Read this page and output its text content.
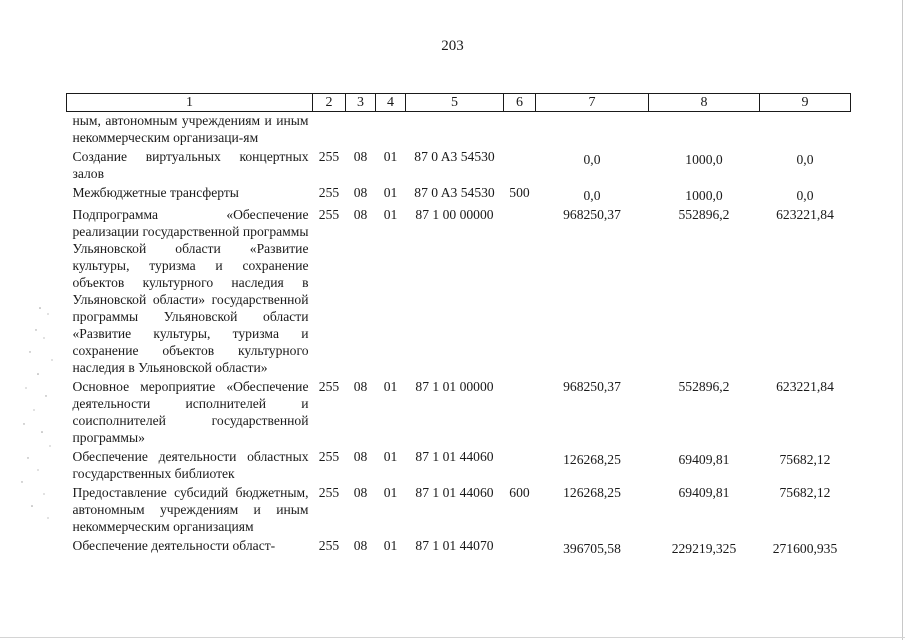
203
1	2	3	4	5	6	7	8	9
ным, автономным учреждениям и иным некоммерческим организаци-ям								
Создание виртуальных концертных залов	255	08	01	87 0 A3 54530		0,0	1000,0	0,0
Межбюджетные трансферты	255	08	01	87 0 A3 54530	500	0,0	1000,0	0,0
Подпрограмма «Обеспечение реализации государственной программы Ульяновской области «Развитие культуры, туризма и сохранение объектов культурного наследия в Ульяновской области» государственной программы Ульяновской области «Развитие культуры, туризма и сохранение объектов культурного наследия в Ульяновской области»	255	08	01	87 1 00 00000		968250,37	552896,2	623221,84
Основное мероприятие «Обеспечение деятельности исполнителей и соисполнителей государственной программы»	255	08	01	87 1 01 00000		968250,37	552896,2	623221,84
Обеспечение деятельности областных государственных библиотек	255	08	01	87 1 01 44060		126268,25	69409,81	75682,12
Предоставление субсидий бюджетным, автономным учреждениям и иным некоммерческим организациям	255	08	01	87 1 01 44060	600	126268,25	69409,81	75682,12
Обеспечение деятельности област-	255	08	01	87 1 01 44070		396705,58	229219,325	271600,935
